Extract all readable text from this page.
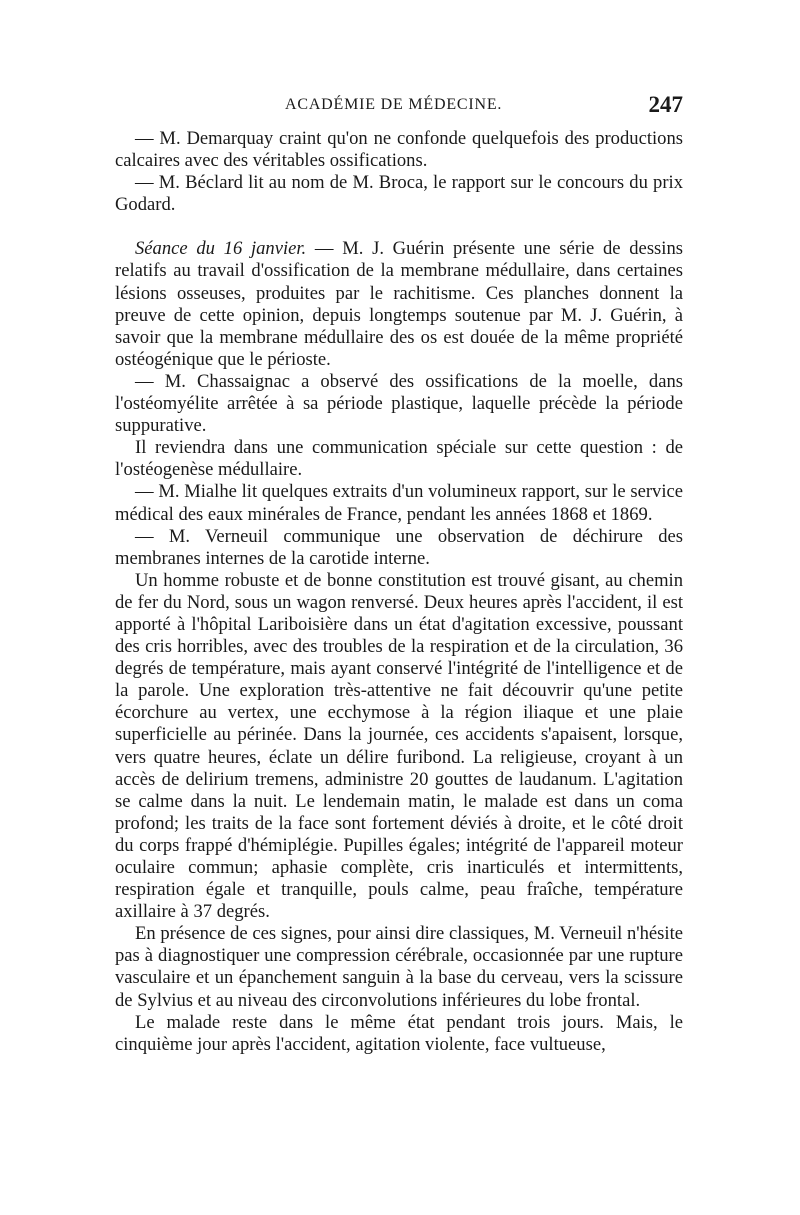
ACADÉMIE DE MÉDECINE.	247

— M. Demarquay craint qu'on ne confonde quelquefois des productions calcaires avec des véritables ossifications.

— M. Béclard lit au nom de M. Broca, le rapport sur le concours du prix Godard.

Séance du 16 janvier. — M. J. Guérin présente une série de dessins relatifs au travail d'ossification de la membrane médullaire, dans certaines lésions osseuses, produites par le rachitisme. Ces planches donnent la preuve de cette opinion, depuis longtemps soutenue par M. J. Guérin, à savoir que la membrane médullaire des os est douée de la même propriété ostéogénique que le périoste.

— M. Chassaignac a observé des ossifications de la moelle, dans l'ostéomyélite arrêtée à sa période plastique, laquelle précède la période suppurative.

Il reviendra dans une communication spéciale sur cette question : de l'ostéogenèse médullaire.

— M. Mialhe lit quelques extraits d'un volumineux rapport, sur le service médical des eaux minérales de France, pendant les années 1868 et 1869.

— M. Verneuil communique une observation de déchirure des membranes internes de la carotide interne.

Un homme robuste et de bonne constitution est trouvé gisant, au chemin de fer du Nord, sous un wagon renversé. Deux heures après l'accident, il est apporté à l'hôpital Lariboisière dans un état d'agitation excessive, poussant des cris horribles, avec des troubles de la respiration et de la circulation, 36 degrés de température, mais ayant conservé l'intégrité de l'intelligence et de la parole. Une exploration très-attentive ne fait découvrir qu'une petite écorchure au vertex, une ecchymose à la région iliaque et une plaie superficielle au périnée. Dans la journée, ces accidents s'apaisent, lorsque, vers quatre heures, éclate un délire furibond. La religieuse, croyant à un accès de delirium tremens, administre 20 gouttes de laudanum. L'agitation se calme dans la nuit. Le lendemain matin, le malade est dans un coma profond; les traits de la face sont fortement déviés à droite, et le côté droit du corps frappé d'hémiplégie. Pupilles égales; intégrité de l'appareil moteur oculaire commun; aphasie complète, cris inarticulés et intermittents, respiration égale et tranquille, pouls calme, peau fraîche, température axillaire à 37 degrés.

En présence de ces signes, pour ainsi dire classiques, M. Verneuil n'hésite pas à diagnostiquer une compression cérébrale, occasionnée par une rupture vasculaire et un épanchement sanguin à la base du cerveau, vers la scissure de Sylvius et au niveau des circonvolutions inférieures du lobe frontal.

Le malade reste dans le même état pendant trois jours. Mais, le cinquième jour après l'accident, agitation violente, face vultueuse,
